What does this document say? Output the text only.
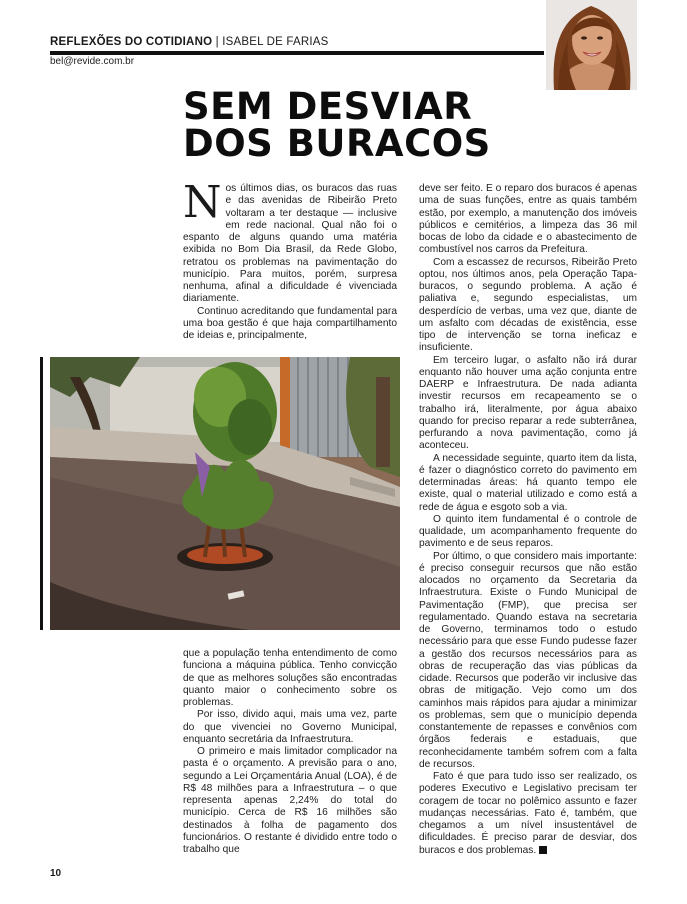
REFLEXÕES DO COTIDIANO | ISABEL DE FARIAS
bel@revide.com.br
SEM DESVIAR
DOS BURACOS

Nos últimos dias, os buracos das ruas e das avenidas de Ribeirão Preto voltaram a ter destaque — inclusive em rede nacional. Qual não foi o espanto de alguns quando uma matéria exibida no Bom Dia Brasil, da Rede Globo, retratou os problemas na pavimentação do município. Para muitos, porém, surpresa nenhuma, afinal a dificuldade é vivenciada diariamente.

Continuo acreditando que fundamental para uma boa gestão é que haja compartilhamento de ideias e, principalmente,

que a população tenha entendimento de como funciona a máquina pública. Tenho convicção de que as melhores soluções são encontradas quanto maior o conhecimento sobre os problemas.

Por isso, divido aqui, mais uma vez, parte do que vivenciei no Governo Municipal, enquanto secretária da Infraestrutura.

O primeiro e mais limitador complicador na pasta é o orçamento. A previsão para o ano, segundo a Lei Orçamentária Anual (LOA), é de R$ 48 milhões para a Infraestrutura – o que representa apenas 2,24% do total do município. Cerca de R$ 16 milhões são destinados à folha de pagamento dos funcionários. O restante é dividido entre todo o trabalho que

deve ser feito. E o reparo dos buracos é apenas uma de suas funções, entre as quais também estão, por exemplo, a manutenção dos imóveis públicos e cemitérios, a limpeza das 36 mil bocas de lobo da cidade e o abastecimento de combustível nos carros da Prefeitura.

Com a escassez de recursos, Ribeirão Preto optou, nos últimos anos, pela Operação Tapa-buracos, o segundo problema. A ação é paliativa e, segundo especialistas, um desperdício de verbas, uma vez que, diante de um asfalto com décadas de existência, esse tipo de intervenção se torna ineficaz e insuficiente.

Em terceiro lugar, o asfalto não irá durar enquanto não houver uma ação conjunta entre DAERP e Infraestrutura. De nada adianta investir recursos em recapeamento se o trabalho irá, literalmente, por água abaixo quando for preciso reparar a rede subterrânea, perfurando a nova pavimentação, como já aconteceu.

A necessidade seguinte, quarto item da lista, é fazer o diagnóstico correto do pavimento em determinadas áreas: há quanto tempo ele existe, qual o material utilizado e como está a rede de água e esgoto sob a via.

O quinto item fundamental é o controle de qualidade, um acompanhamento frequente do pavimento e de seus reparos.

Por último, o que considero mais importante: é preciso conseguir recursos que não estão alocados no orçamento da Secretaria da Infraestrutura. Existe o Fundo Municipal de Pavimentação (FMP), que precisa ser regulamentado. Quando estava na secretaria de Governo, terminamos todo o estudo necessário para que esse Fundo pudesse fazer a gestão dos recursos necessários para as obras de recuperação das vias públicas da cidade. Recursos que poderão vir inclusive das obras de mitigação. Vejo como um dos caminhos mais rápidos para ajudar a minimizar os problemas, sem que o município dependa constantemente de repasses e convênios com órgãos federais e estaduais, que reconhecidamente também sofrem com a falta de recursos.

Fato é que para tudo isso ser realizado, os poderes Executivo e Legislativo precisam ter coragem de tocar no polêmico assunto e fazer mudanças necessárias. Fato é, também, que chegamos a um nível insustentável de dificuldades. É preciso parar de desviar, dos buracos e dos problemas.

10
